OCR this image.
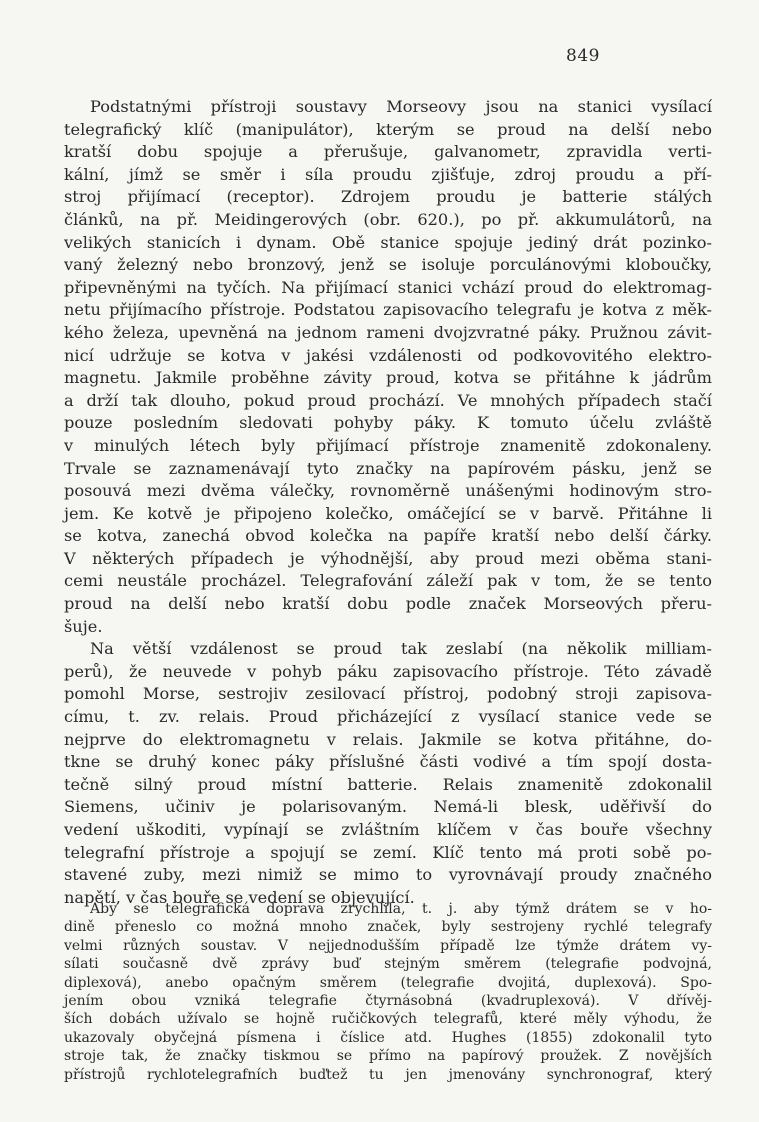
849

Podstatnými přístroji soustavy Morseovy jsou na stanici vysílací
telegrafický klíč (manipulátor), kterým se proud na delší nebo
kratší dobu spojuje a přerušuje, galvanometr, zpravidla verti-
kální, jímž se směr i síla proudu zjišťuje, zdroj proudu a pří-
stroj přijímací (receptor). Zdrojem proudu je batterie stálých
článků, na př. Meidingerových (obr. 620.), po př. akkumulátorů, na
velikých stanicích i dynam. Obě stanice spojuje jediný drát pozinko-
vaný železný nebo bronzový, jenž se isoluje porculánovými kloboučky,
připevněnými na tyčích. Na přijímací stanici vchází proud do elektromag-
netu přijímacího přístroje. Podstatou zapisovacího telegrafu je kotva z měk-
kého železa, upevněná na jednom rameni dvojzvratné páky. Pružnou závit-
nicí udržuje se kotva v jakési vzdálenosti od podkovovitého elektro-
magnetu. Jakmile proběhne závity proud, kotva se přitáhne k jádrům
a drží tak dlouho, pokud proud prochází. Ve mnohých případech stačí
pouze posledním sledovati pohyby páky. K tomuto účelu zvláště
v minulých létech byly přijímací přístroje znamenitě zdokonaleny.
Trvale se zaznamenávají tyto značky na papírovém pásku, jenž se
posouvá mezi dvěma válečky, rovnoměrně unášenými hodinovým stro-
jem. Ke kotvě je připojeno kolečko, omáčející se v barvě. Přitáhne li
se kotva, zanechá obvod kolečka na papíře kratší nebo delší čárky.
V některých případech je výhodnější, aby proud mezi oběma stani-
cemi neustále procházel. Telegrafování záleží pak v tom, že se tento
proud na delší nebo kratší dobu podle značek Morseových přeru-
šuje.

Na větší vzdálenost se proud tak zeslabí (na několik milliam-
perů), že neuvede v pohyb páku zapisovacího přístroje. Této závadě
pomohl Morse, sestrojiv zesilovací přístroj, podobný stroji zapisova-
címu, t. zv. relais. Proud přicházející z vysílací stanice vede se
nejprve do elektromagnetu v relais. Jakmile se kotva přitáhne, do-
tkne se druhý konec páky příslušné části vodivé a tím spojí dosta-
tečně silný proud místní batterie. Relais znamenitě zdokonalil
Siemens, učiniv je polarisovaným. Nemá-li blesk, uděřivší do
vedení uškoditi, vypínají se zvláštním klíčem v čas bouře všechny
telegrafní přístroje a spojují se zemí. Klíč tento má proti sobě po-
stavené zuby, mezi nimiž se mimo to vyrovnávají proudy značného
napětí, v čas bouře se vedení se objevující.

Aby se telegrafická doprava zrychlila, t. j. aby týmž drátem se v ho-
dině přeneslo co možná mnoho značek, byly sestrojeny rychlé telegrafy
velmi různých soustav. V nejjednodušším případě lze týmže drátem vy-
sílati současně dvě zprávy buď stejným směrem (telegrafie podvojná,
diplexová), anebo opačným směrem (telegrafie dvojitá, duplexová). Spo-
jením obou vzniká telegrafie čtyrnásobná (kvadruplexová). V dřívěj-
ších dobách užívalo se hojně ručičkových telegrafů, které měly výhodu, že
ukazovaly obyčejná písmena i číslice atd. Hughes (1855) zdokonalil tyto
stroje tak, že značky tiskmou se přímo na papírový proužek. Z novějších
přístrojů rychlotelegrafních buďtež tu jen jmenovány synchronograf, který
